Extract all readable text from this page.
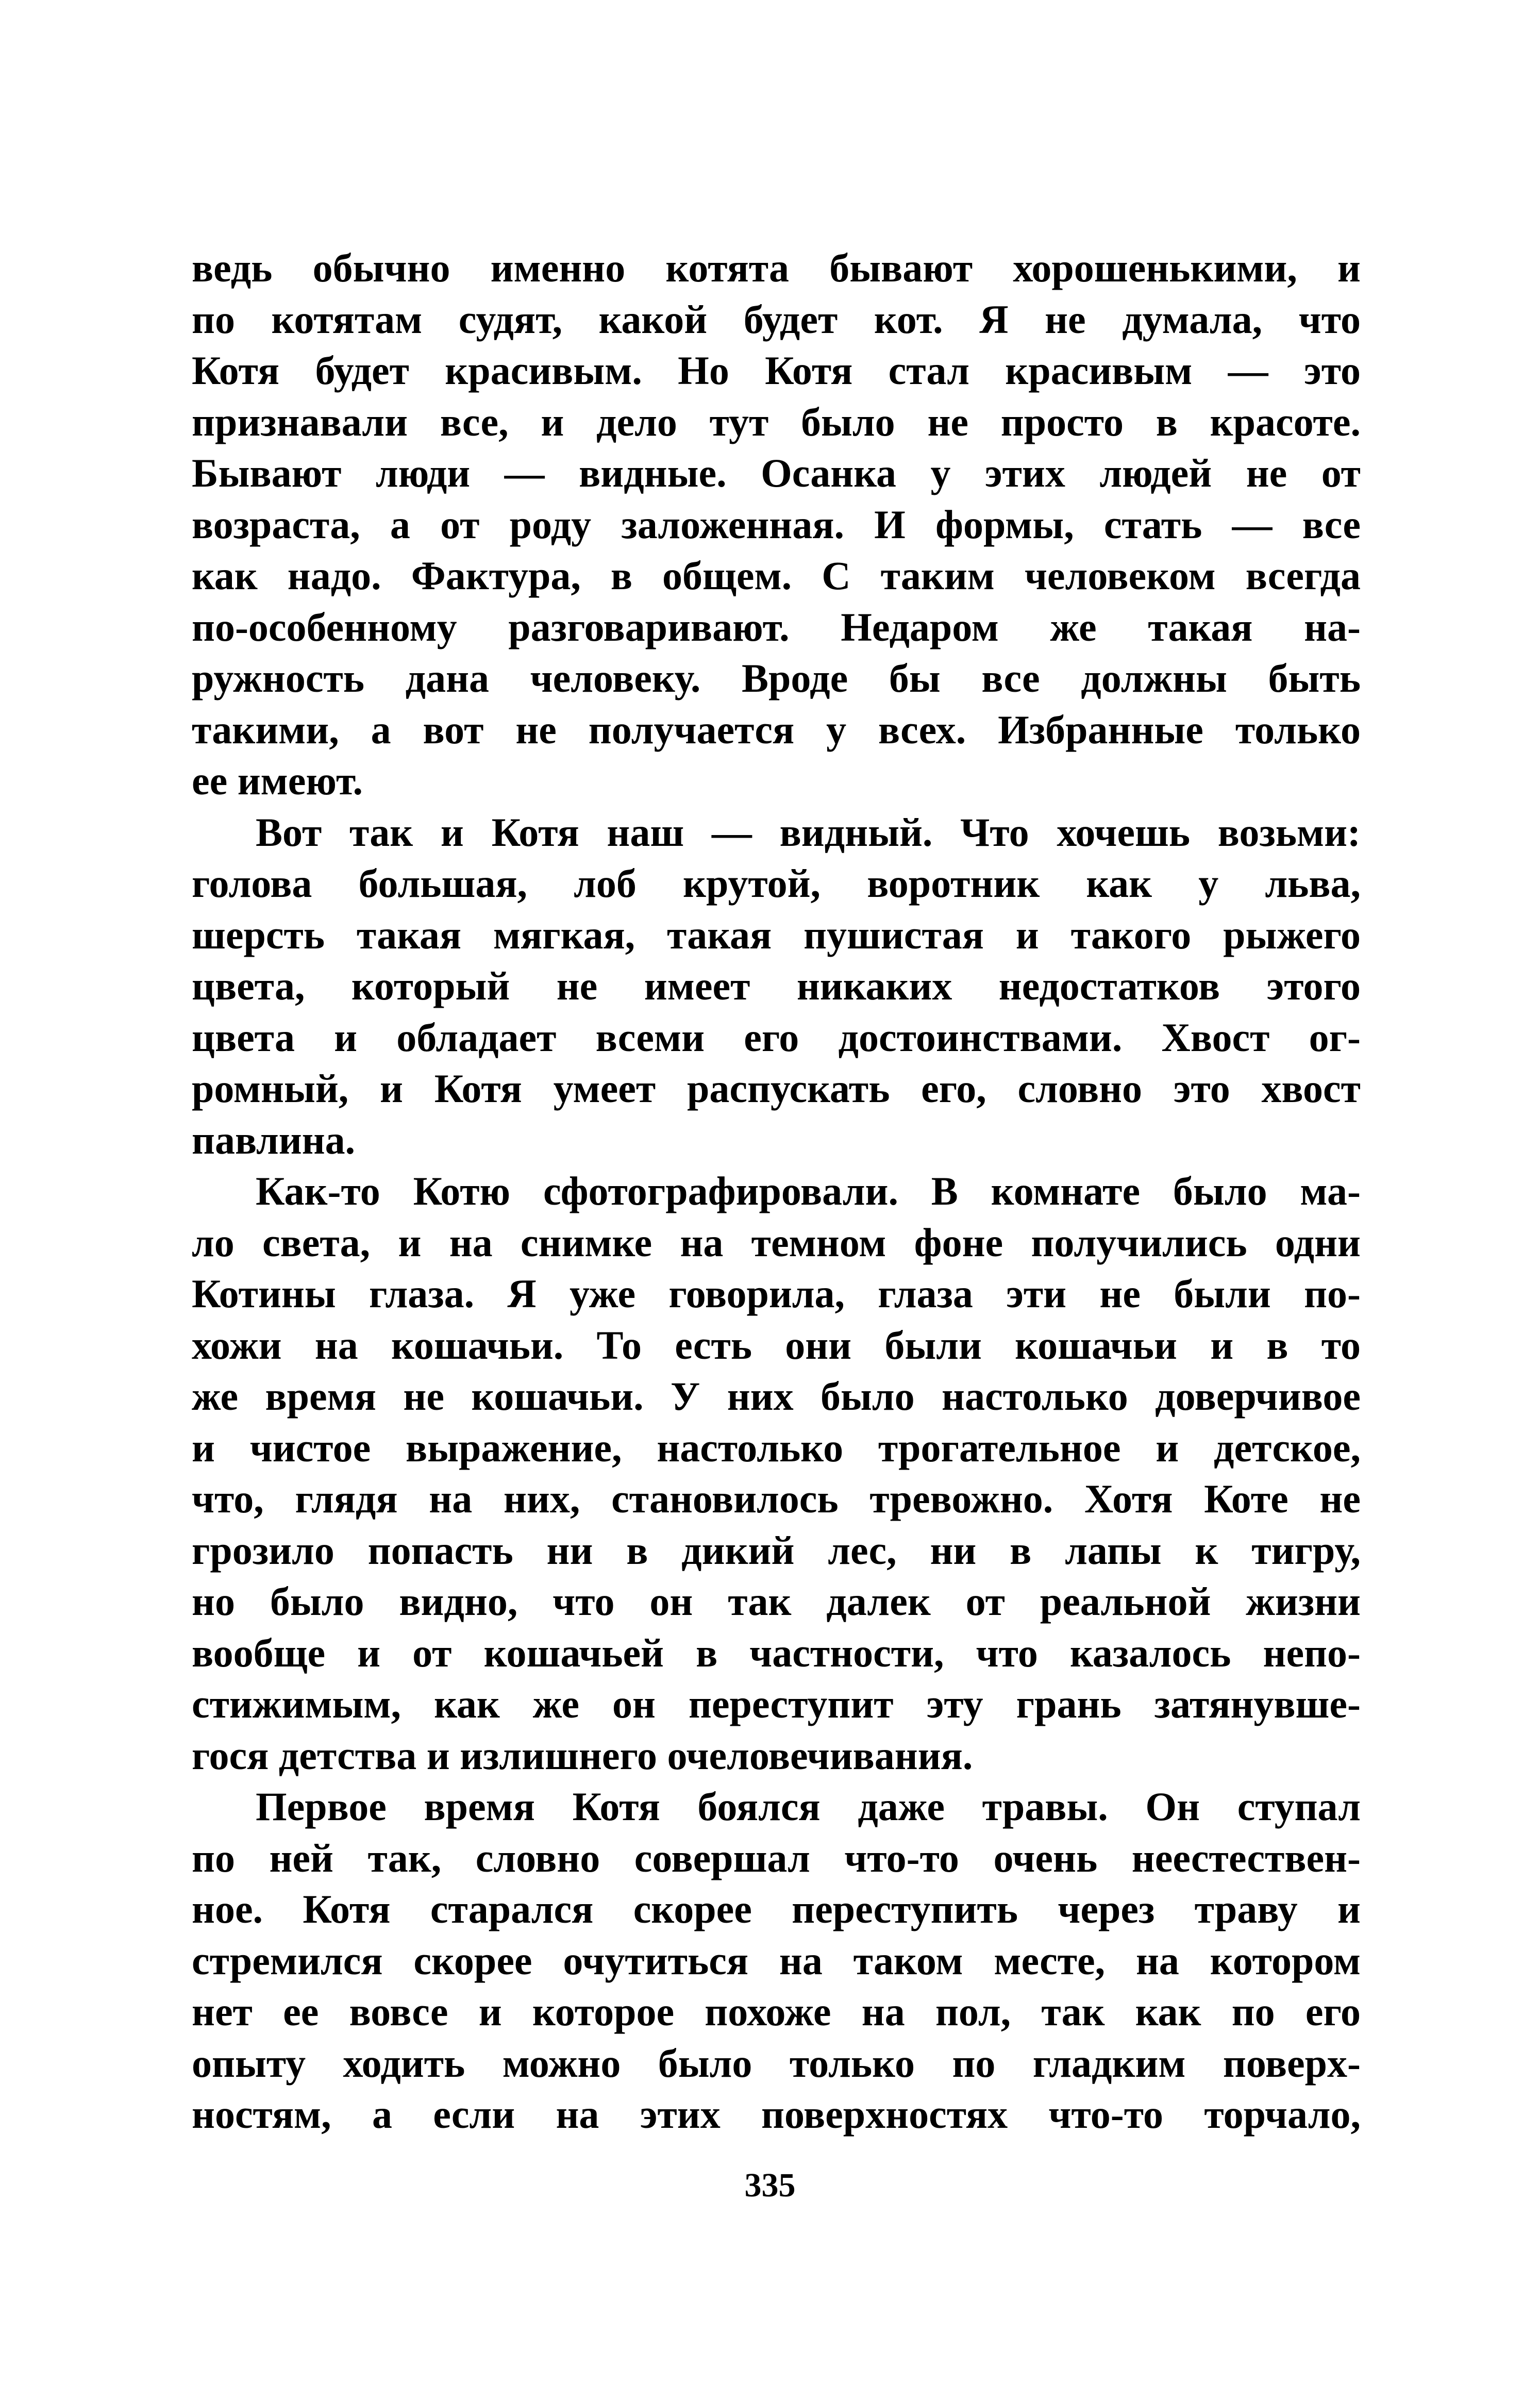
ведь обычно именно котята бывают хорошенькими, и
по котятам судят, какой будет кот. Я не думала, что
Котя будет красивым. Но Котя стал красивым — это
признавали все, и дело тут было не просто в красоте.
Бывают люди — видные. Осанка у этих людей не от
возраста, а от роду заложенная. И формы, стать — все
как надо. Фактура, в общем. С таким человеком всегда
по-особенному разговаривают. Недаром же такая на-
ружность дана человеку. Вроде бы все должны быть
такими, а вот не получается у всех. Избранные только
ее имеют.
Вот так и Котя наш — видный. Что хочешь возьми:
голова большая, лоб крутой, воротник как у льва,
шерсть такая мягкая, такая пушистая и такого рыжего
цвета, который не имеет никаких недостатков этого
цвета и обладает всеми его достоинствами. Хвост ог-
ромный, и Котя умеет распускать его, словно это хвост
павлина.
Как-то Котю сфотографировали. В комнате было ма-
ло света, и на снимке на темном фоне получились одни
Котины глаза. Я уже говорила, глаза эти не были по-
хожи на кошачьи. То есть они были кошачьи и в то
же время не кошачьи. У них было настолько доверчивое
и чистое выражение, настолько трогательное и детское,
что, глядя на них, становилось тревожно. Хотя Коте не
грозило попасть ни в дикий лес, ни в лапы к тигру,
но было видно, что он так далек от реальной жизни
вообще и от кошачьей в частности, что казалось непо-
стижимым, как же он переступит эту грань затянувше-
гося детства и излишнего очеловечивания.
Первое время Котя боялся даже травы. Он ступал
по ней так, словно совершал что-то очень неестествен-
ное. Котя старался скорее переступить через траву и
стремился скорее очутиться на таком месте, на котором
нет ее вовсе и которое похоже на пол, так как по его
опыту ходить можно было только по гладким поверх-
ностям, а если на этих поверхностях что-то торчало,
335
